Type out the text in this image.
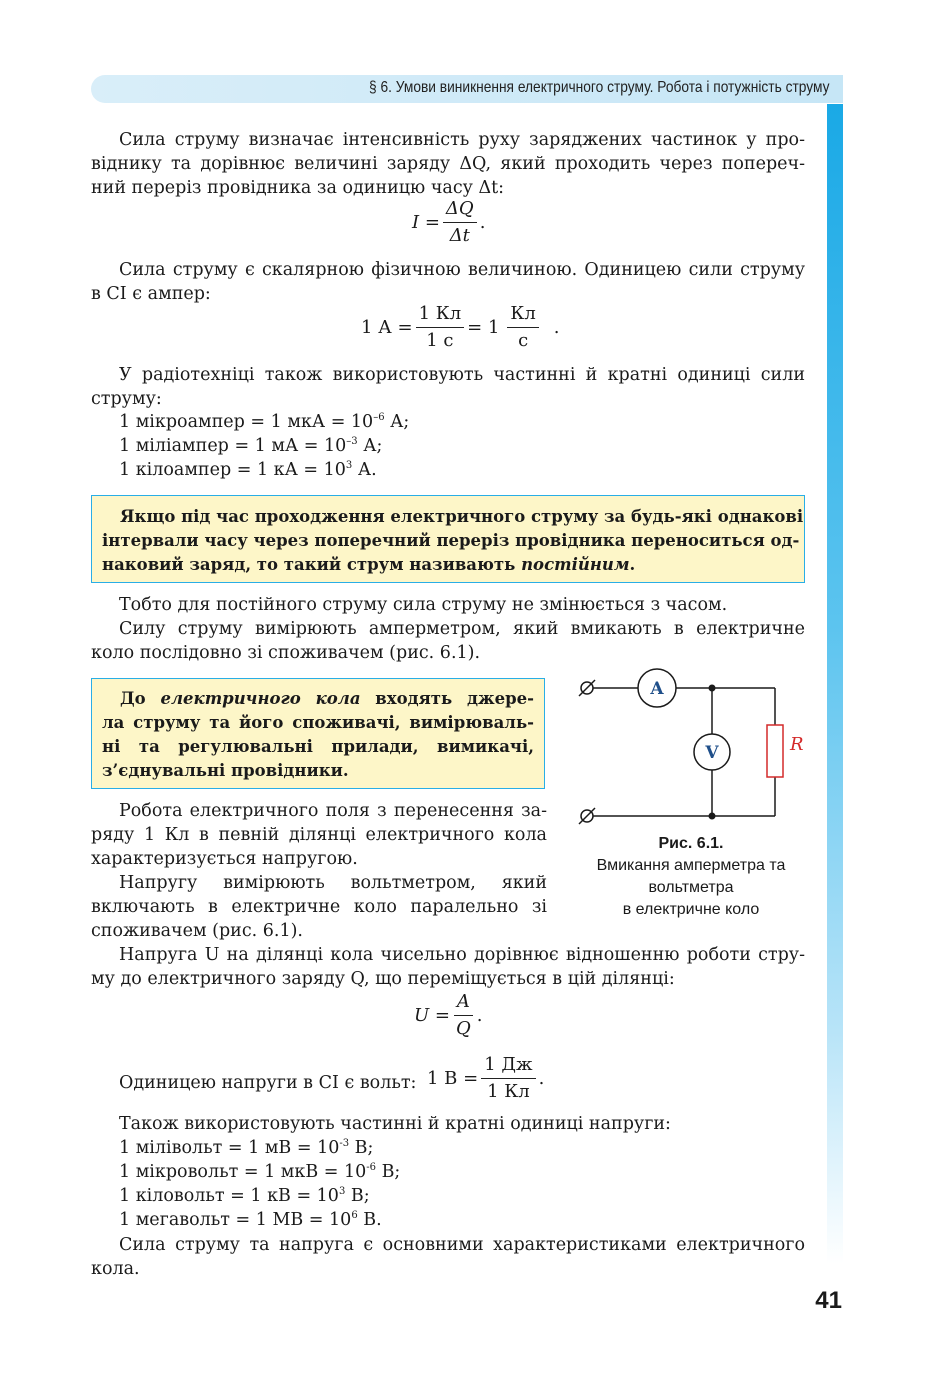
§ 6. Умови виникнення електричного струму. Робота і потужність струму
Сила струму визначає інтенсивність руху заряджених частинок у про-
віднику та дорівнює величині заряду ΔQ, який проходить через попереч-
ний переріз провідника за одиницю часу Δt:
$I = \frac{\Delta Q}{\Delta t}$ .
Сила струму є скалярною фізичною величиною. Одиницею сили струму
в СІ є ампер:
1 $А = \frac{1 Кл}{1 с} = 1 \frac{Кл}{с}$ .
У радіотехніці також використовують частинні й кратні одиниці сили
струму:
1 мікроампер = 1 мкА = $10^{-6}$ А;
1 міліампер = 1 мА = $10^{-3}$ А;
1 кілоампер = 1 кА = $10^3$ А.
Якщо під час проходження електричного струму за будь-які однакові
інтервали часу через поперечний переріз провідника переноситься од-
наковий заряд, то такий струм називають постійним.
Тобто для постійного струму сила струму не змінюється з часом.
Силу струму вимірюють амперметром, який вмикають в електричне
коло послідовно зі споживачем (рис. 6.1).
До електричного кола входять джере-
ла струму та його споживачі, вимірюваль-
ні та регулювальні прилади, вимикачі,
з’єднувальні провідники.
A
V	R
Рис. 6.1.
Вмикання амперметра та
вольтметра
в електричне коло
Робота електричного поля з перенесення за-
ряду 1 Кл в певній ділянці електричного кола
характеризується напругою.
Напругу вимірюють вольтметром, який
включають в електричне коло паралельно зі
споживачем (рис. 6.1).
Напруга U на ділянці кола чисельно дорівнює відношенню роботи стру-
му до електричного заряду Q, що переміщується в цій ділянці:
$U = \frac{A}{Q}$ .
Одиницею напруги в СІ є вольт: 1 $В = \frac{1 Дж}{1 Кл}$ .
Також використовують частинні й кратні одиниці напруги:
1 мілівольт = 1 мВ = $10^{-3}$ В;
1 мікровольт = 1 мкВ = $10^{-6}$ В;
1 кіловольт = 1 кВ = $10^3$ В;
1 мегавольт = 1 МВ = $10^6$ В.
Сила струму та напруга є основними характеристиками електричного
кола.
41
